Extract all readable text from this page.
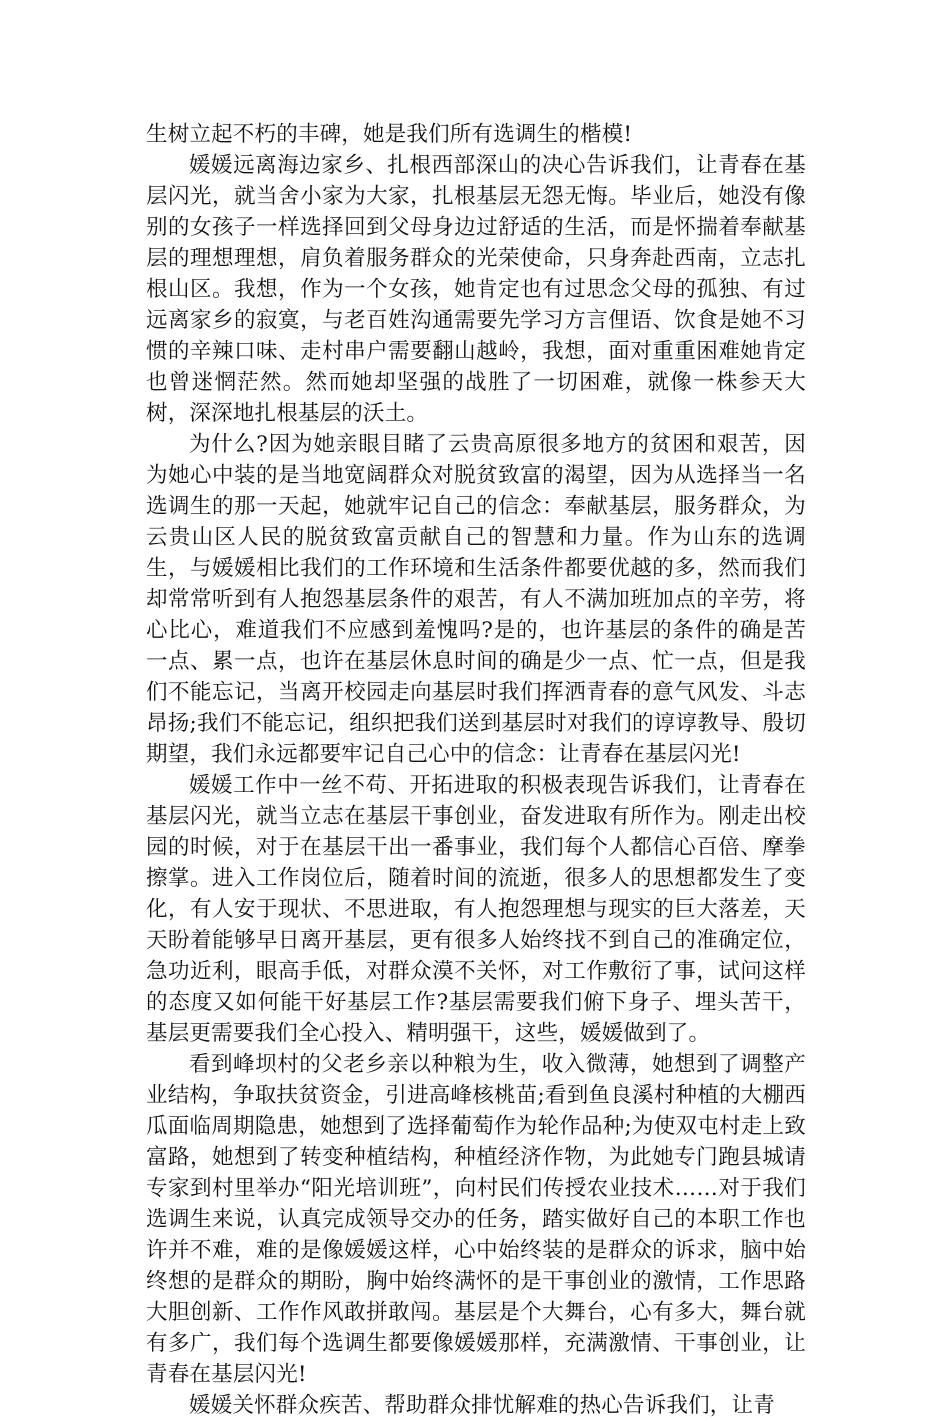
生树立起不朽的丰碑，她是我们所有选调生的楷模!

媛媛远离海边家乡、扎根西部深山的决心告诉我们，让青春在基层闪光，就当舍小家为大家，扎根基层无怨无悔。毕业后，她没有像别的女孩子一样选择回到父母身边过舒适的生活，而是怀揣着奉献基层的理想理想，肩负着服务群众的光荣使命，只身奔赴西南，立志扎根山区。我想，作为一个女孩，她肯定也有过思念父母的孤独、有过远离家乡的寂寞，与老百姓沟通需要先学习方言俚语、饮食是她不习惯的辛辣口味、走村串户需要翻山越岭，我想，面对重重困难她肯定也曾迷惘茫然。然而她却坚强的战胜了一切困难，就像一株参天大树，深深地扎根基层的沃土。

为什么?因为她亲眼目睹了云贵高原很多地方的贫困和艰苦，因为她心中装的是当地宽阔群众对脱贫致富的渴望，因为从选择当一名选调生的那一天起，她就牢记自己的信念：奉献基层，服务群众，为云贵山区人民的脱贫致富贡献自己的智慧和力量。作为山东的选调生，与媛媛相比我们的工作环境和生活条件都要优越的多，然而我们却常常听到有人抱怨基层条件的艰苦，有人不满加班加点的辛劳，将心比心，难道我们不应感到羞愧吗?是的，也许基层的条件的确是苦一点、累一点，也许在基层休息时间的确是少一点、忙一点，但是我们不能忘记，当离开校园走向基层时我们挥洒青春的意气风发、斗志昂扬;我们不能忘记，组织把我们送到基层时对我们的谆谆教导、殷切期望，我们永远都要牢记自己心中的信念：让青春在基层闪光!

媛媛工作中一丝不苟、开拓进取的积极表现告诉我们，让青春在基层闪光，就当立志在基层干事创业，奋发进取有所作为。刚走出校园的时候，对于在基层干出一番事业，我们每个人都信心百倍、摩拳擦掌。进入工作岗位后，随着时间的流逝，很多人的思想都发生了变化，有人安于现状、不思进取，有人抱怨理想与现实的巨大落差，天天盼着能够早日离开基层，更有很多人始终找不到自己的准确定位，急功近利，眼高手低，对群众漠不关怀，对工作敷衍了事，试问这样的态度又如何能干好基层工作?基层需要我们俯下身子、埋头苦干，基层更需要我们全心投入、精明强干，这些，媛媛做到了。

看到峰坝村的父老乡亲以种粮为生，收入微薄，她想到了调整产业结构，争取扶贫资金，引进高峰核桃苗;看到鱼良溪村种植的大棚西瓜面临周期隐患，她想到了选择葡萄作为轮作品种;为使双屯村走上致富路，她想到了转变种植结构，种植经济作物，为此她专门跑县城请专家到村里举办“阳光培训班”，向村民们传授农业技术……对于我们选调生来说，认真完成领导交办的任务，踏实做好自己的本职工作也许并不难，难的是像媛媛这样，心中始终装的是群众的诉求，脑中始终想的是群众的期盼，胸中始终满怀的是干事创业的激情，工作思路大胆创新、工作作风敢拼敢闯。基层是个大舞台，心有多大，舞台就有多广，我们每个选调生都要像媛媛那样，充满激情、干事创业，让青春在基层闪光!

媛媛关怀群众疾苦、帮助群众排忧解难的热心告诉我们，让青
